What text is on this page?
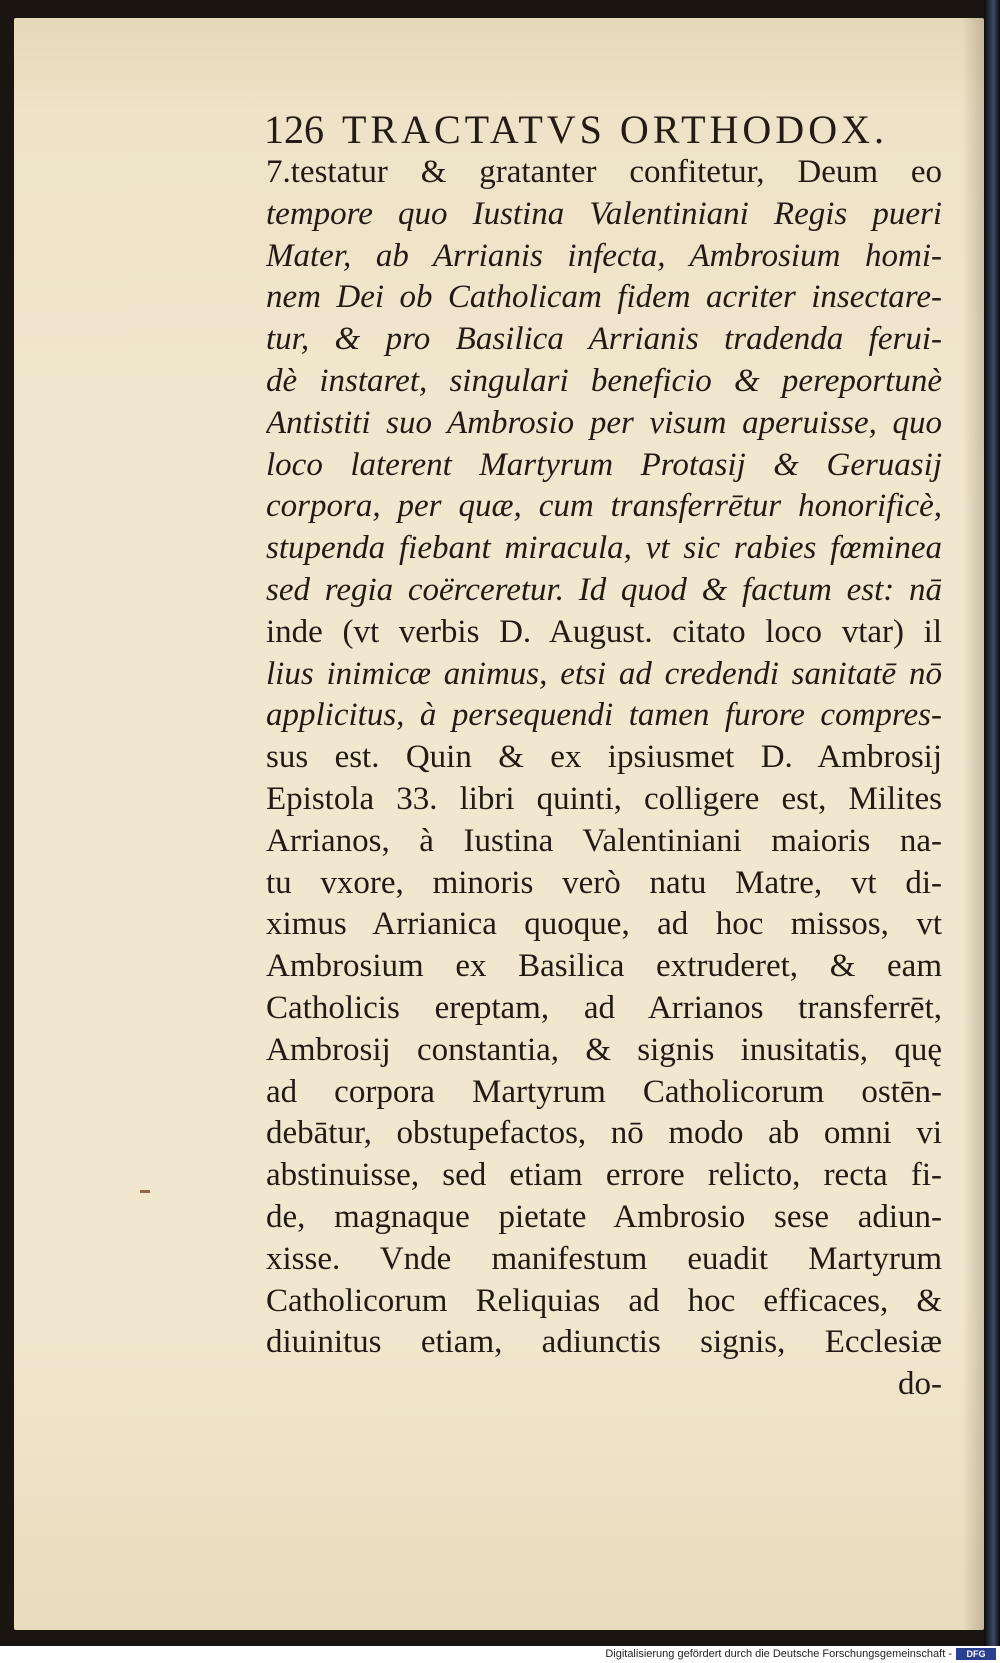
126 TRACTATVS ORTHODOX.
7.testatur & gratanter confitetur, Deum eo
tempore quo Iustina Valentiniani Regis pueri
Mater, ab Arrianis infecta, Ambrosium homi-
nem Dei ob Catholicam fidem acriter insectare-
tur, & pro Basilica Arrianis tradenda ferui-
dè instaret, singulari beneficio & pereportunè
Antistiti suo Ambrosio per visum aperuisse, quo
loco laterent Martyrum Protasij & Geruasij
corpora, per quæ, cum transferrētur honorificè,
stupenda fiebant miracula, vt sic rabies fœminea
sed regia coërceretur. Id quod & factum est: nā
inde (vt verbis D. August. citato loco vtar) il
lius inimicæ animus, etsi ad credendi sanitatē nō
applicitus, à persequendi tamen furore compres-
sus est. Quin & ex ipsiusmet D. Ambrosij
Epistola 33. libri quinti, colligere est, Milites
Arrianos, à Iustina Valentiniani maioris na-
tu vxore, minoris verò natu Matre, vt di-
ximus Arrianica quoque, ad hoc missos, vt
Ambrosium ex Basilica extruderet, & eam
Catholicis ereptam, ad Arrianos transferrēt,
Ambrosij constantia, & signis inusitatis, quę
ad corpora Martyrum Catholicorum ostēn-
debātur, obstupefactos, nō modo ab omni vi
abstinuisse, sed etiam errore relicto, recta fi-
de, magnaque pietate Ambrosio sese adiun-
xisse. Vnde manifestum euadit Martyrum
Catholicorum Reliquias ad hoc efficaces, &
diuinitus etiam, adiunctis signis, Ecclesiæ
do-
Digitalisierung gefördert durch die Deutsche Forschungsgemeinschaft -	DFG
